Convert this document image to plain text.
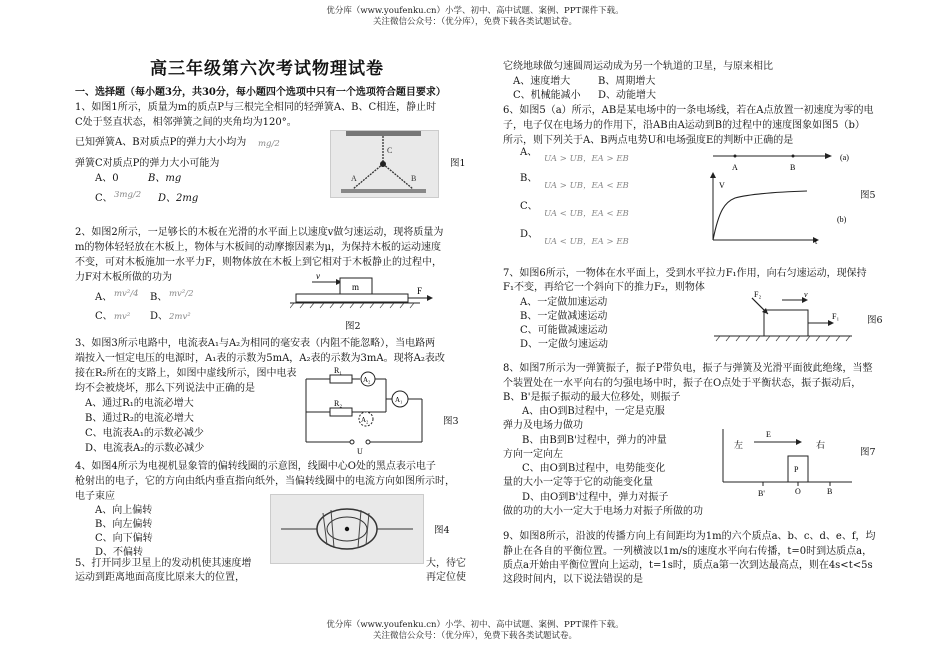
优分库（www.youfenku.cn）小学、初中、高中试题、案例、PPT课件下载。
关注微信公众号：（优分库），免费下载各类试题试卷。
高三年级第六次考试物理试卷
一、选择题（每小题3分，共30分，每小题四个选项中只有一个选项符合题目要求）
1、如图1所示，质量为m的质点P与三根完全相同的轻弹簧A、B、C相连，静止时
C处于竖直状态，相邻弹簧之间的夹角均为120°。
已知弹簧A、B对质点P的弹力大小均为 mg/2
弹簧C对质点P的弹力大小可能为
A、0	B、mg
C、 3mg/2 D、2mg
C
A	B
图1
2、如图2所示，一足够长的木板在光滑的水平面上以速度v做匀速运动，现将质量为
m的物体轻轻放在木板上，物体与木板间的动摩擦因素为μ，为保持木板的运动速度
不变，可对木板施加一水平力F，则物体放在木板上到它相对于木板静止的过程中，
力F对木板所做的功为
A、 mv²/4 B、 mv²/2
C、 mv² D、 2mv²
v
m	F
图2
3、如图3所示电路中，电流表A₁与A₂为相同的毫安表（内阻不能忽略），当电路两
端按入一恒定电压的电源时，A₁表的示数为5mA，A₂表的示数为3mA。现将A₂表改
接在R₂所在的支路上，如图中虚线所示，图中电表
均不会被烧坏，那么下列说法中正确的是
A、通过R₁的电流必增大
B、通过R₂的电流必增大
C、电流表A₁的示数必减少
D、电流表A₂的示数必减少
R₁
R₂
A₂
A₂
A₁
U
图3
4、如图4所示为电视机显象管的偏转线圈的示意图，线圈中心O处的黑点表示电子
枪射出的电子，它的方向由纸内垂直指向纸外，当偏转线圈中的电流方向如图所示时，
电子束应
A、向上偏转
B、向左偏转
C、向下偏转
D、不偏转
图4
5、打开同步卫星上的发动机使其速度增	大，待它
运动到距离地面高度比原来大的位置，	再定位使
它绕地球做匀速圆周运动成为另一个轨道的卫星，与原来相比
A、速度增大	B、周期增大
C、机械能减小 D、动能增大
6、如图5（a）所示，AB是某电场中的一条电场线，若在A点放置一初速度为零的电
子，电子仅在电场力的作用下，沿AB由A运动到B的过程中的速度图象如图5（b）
所示，则下列关于A、B两点电势U和电场强度E的判断中正确的是
A、
UA > UB，EA > EB
B、
UA > UB，EA < EB
C、
UA < UB，EA < EB
D、
UA < UB，EA > EB
A	B
(a)
V
t
(b)
图5
7、如图6所示，一物体在水平面上，受到水平拉力F₁作用，向右匀速运动，现保持
F₁不变，再给它一个斜向下的推力F₂，则物体
A、一定做加速运动
B、一定做减速运动
C、可能做减速运动
D、一定做匀速运动
F₂	v
F₁	图6
8、如图7所示为一弹簧振子，振子P带负电，振子与弹簧及光滑平面彼此绝缘，当整
个装置处在一水平向右的匀强电场中时，振子在O点处于平衡状态，振子振动后，
B、B'是振子振动的最大位移处，则振子
A、由O到B过程中，一定是克服
弹力及电场力做功
B、由B到B'过程中，弹力的冲量
方向一定向左
C、由O到B过程中，电势能变化
量的大小一定等于它的动能变化量
D、由O到B'过程中，弹力对振子
做的功的大小一定大于电场力对振子所做的功
左	右
E
P
B'	O	B
图7
9、如图8所示，沿波的传播方向上有间距均为1m的六个质点a、b、c、d、e、f，均
静止在各自的平衡位置。一列横波以1m/s的速度水平向右传播，t=0时到达质点a，
质点a开始由平衡位置向上运动，t=1s时，质点a第一次到达最高点，则在4s<t<5s
这段时间内，以下说法错误的是
优分库（www.youfenku.cn）小学、初中、高中试题、案例、PPT课件下载。
关注微信公众号：（优分库），免费下载各类试题试卷。
